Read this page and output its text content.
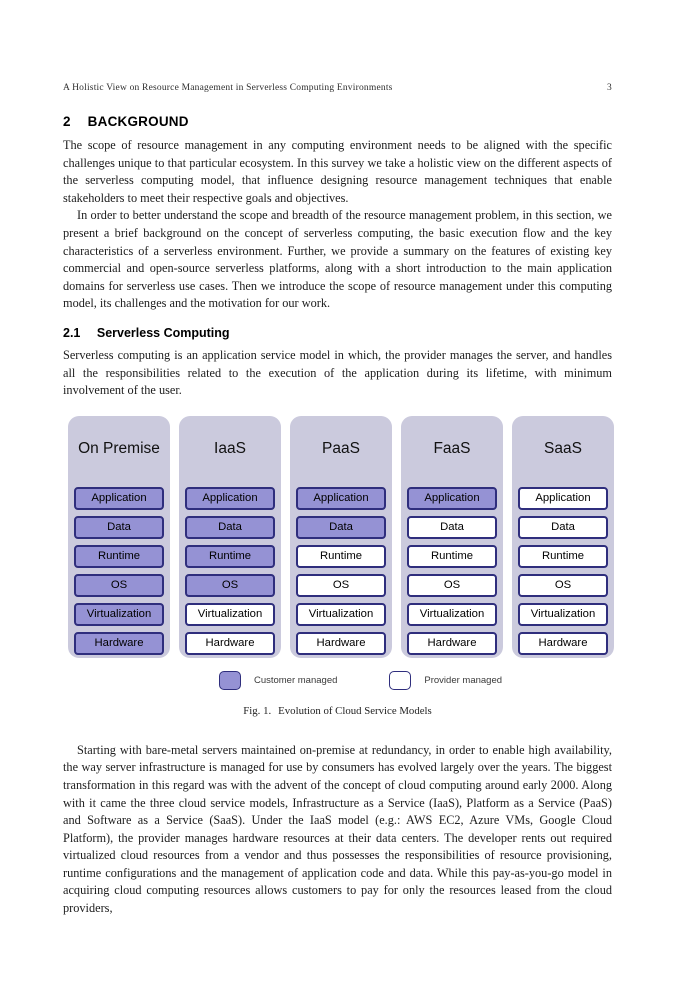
A Holistic View on Resource Management in Serverless Computing Environments	3
2 BACKGROUND

The scope of resource management in any computing environment needs to be aligned with the specific challenges unique to that particular ecosystem. In this survey we take a holistic view on the different aspects of the serverless computing model, that influence designing resource management techniques that enable stakeholders to meet their respective goals and objectives.

In order to better understand the scope and breadth of the resource management problem, in this section, we present a brief background on the concept of serverless computing, the basic execution flow and the key characteristics of a serverless environment. Further, we provide a summary on the features of existing key commercial and open-source serverless platforms, along with a short introduction to the main application domains for serverless use cases. Then we introduce the scope of resource management under this computing model, its challenges and the motivation for our work.

2.1 Serverless Computing

Serverless computing is an application service model in which, the provider manages the server, and handles all the responsibilities related to the execution of the application during its lifetime, with minimum involvement of the user.

On Premise
Application
Data
Runtime
OS
Virtualization
Hardware
IaaS
Application
Data
Runtime
OS
Virtualization
Hardware
PaaS
Application
Data
Runtime
OS
Virtualization
Hardware
FaaS
Application
Data
Runtime
OS
Virtualization
Hardware
SaaS
Application
Data
Runtime
OS
Virtualization
Hardware
Customer managed	Provider managed
Fig. 1. Evolution of Cloud Service Models

Starting with bare-metal servers maintained on-premise at redundancy, in order to enable high availability, the way server infrastructure is managed for use by consumers has evolved largely over the years. The biggest transformation in this regard was with the advent of the concept of cloud computing around early 2000. Along with it came the three cloud service models, Infrastructure as a Service (IaaS), Platform as a Service (PaaS) and Software as a Service (SaaS). Under the IaaS model (e.g.: AWS EC2, Azure VMs, Google Cloud Platform), the provider manages hardware resources at their data centers. The developer rents out required virtualized cloud resources from a vendor and thus possesses the responsibilities of resource provisioning, runtime configurations and the management of application code and data. While this pay-as-you-go model in acquiring cloud computing resources allows customers to pay for only the resources leased from the cloud providers,
